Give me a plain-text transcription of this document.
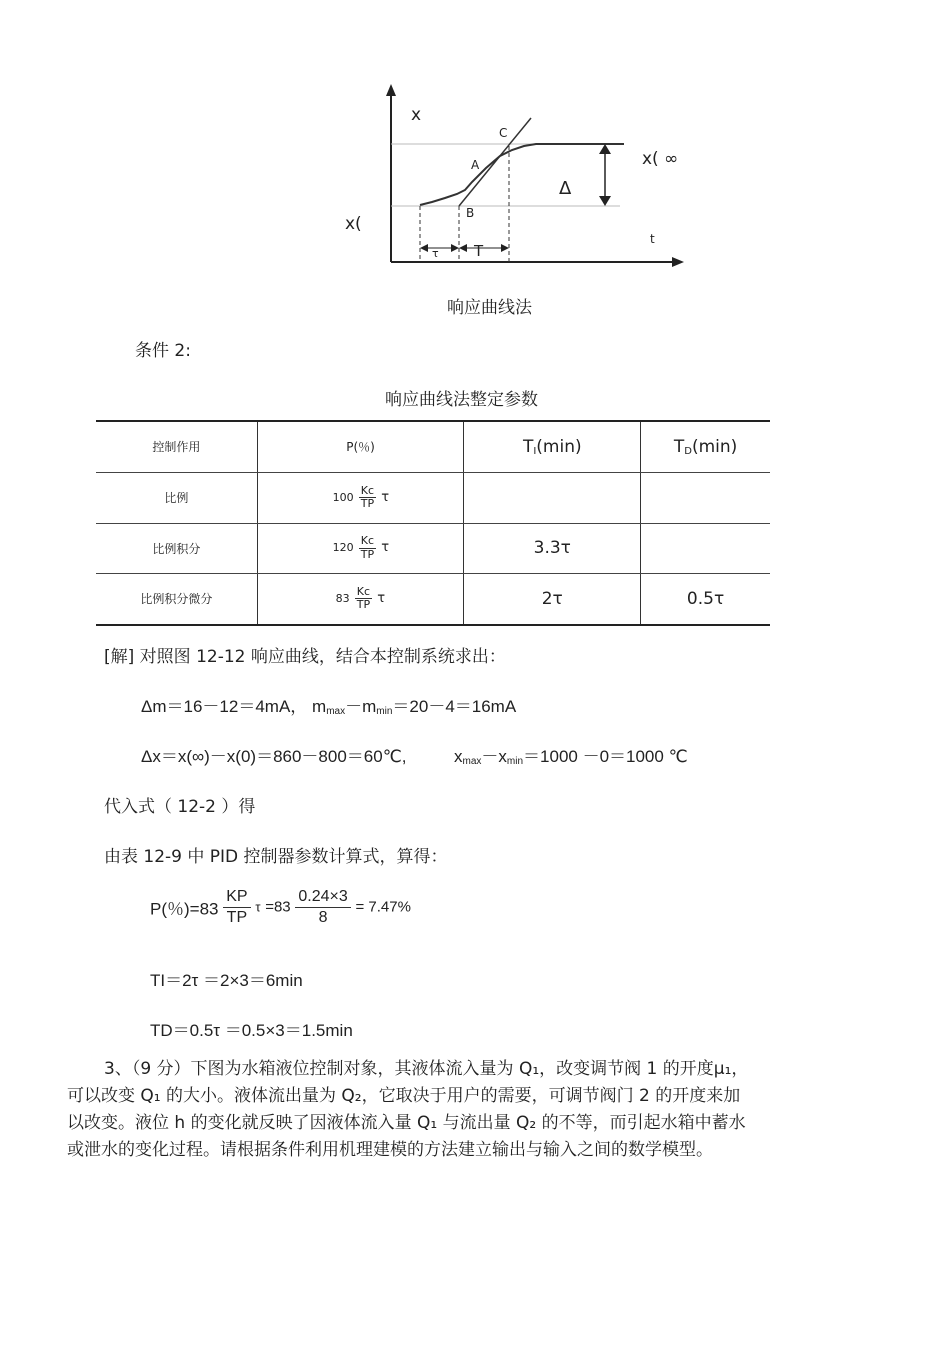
x
C
A
B
x( ∞
Δ
x(
t
τ T
响应曲线法
条件 2:
响应曲线法整定参数
控制作用	P(％)	$T_I(\min)$	$T_D(\min)$
比例	$100 \frac{Kc}{TP}$ τ		
比例积分	$120 \frac{Kc}{TP}$ τ	3.3τ	
比例积分微分	$83 \frac{Kc}{TP}$ τ	2τ	0.5τ
[解] 对照图 12-12 响应曲线，结合本控制系统求出：
Δm＝16－12＝4mA， $m_{max}-m_{min}=20-4=16mA$
Δx＝x(∞)－x(0)＝860－800＝60℃,	$x_{max}-x_{min}=1000 -0=1000$ ℃
代入式（ 12-2 ）得
由表 12-9 中 PID 控制器参数计算式，算得：
P(％)$=83 \frac{KP}{TP}$ $\tau =83 \frac{0.24\times 3}{8} = 7.47\%$
TI＝2τ ＝2×3＝6min
TD＝0.5τ ＝0.5×3＝1.5min
3、（9 分）下图为水箱液位控制对象，其液体流入量为 Q₁，改变调节阀 1 的开度μ₁，
可以改变 Q₁ 的大小。液体流出量为 Q₂，它取决于用户的需要，可调节阀门 2 的开度来加
以改变。液位 h 的变化就反映了因液体流入量 Q₁ 与流出量 Q₂ 的不等，而引起水箱中蓄水
或泄水的变化过程。请根据条件利用机理建模的方法建立输出与输入之间的数学模型。
